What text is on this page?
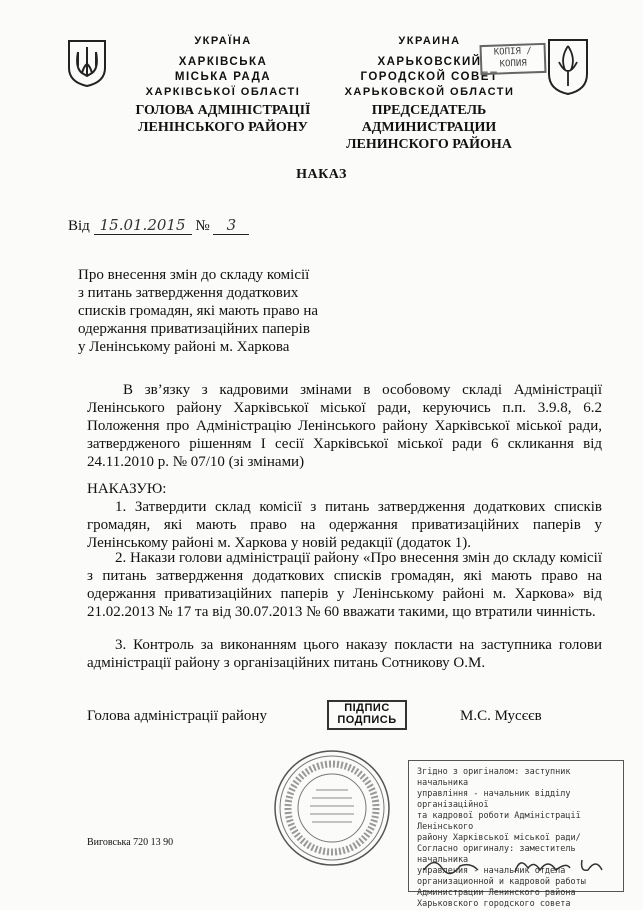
УКРАЇНА
ХАРКІВСЬКА
МІСЬКА РАДА
ХАРКІВСЬКОЇ ОБЛАСТІ
ГОЛОВА АДМІНІСТРАЦІЇ
ЛЕНІНСЬКОГО РАЙОНУ
УКРАИНА
ХАРЬКОВСКИЙ
ГОРОДСКОЙ СОВЕТ
ХАРЬКОВСКОЙ ОБЛАСТИ
КОПІЯ / КОПИЯ
ПРЕДСЕДАТЕЛЬ АДМИНИСТРАЦИИ
ЛЕНИНСКОГО РАЙОНА
НАКАЗ
Від 15.01.2015 № 3
Про внесення змін до складу комісії
з питань затвердження додаткових
списків громадян, які мають право на
одержання приватизаційних паперів
у Ленінському районі м. Харкова
В зв’язку з кадровими змінами в особовому складі Адміністрації Ленінського району Харківської міської ради, керуючись п.п. 3.9.8, 6.2 Положення про Адміністрацію Ленінського району Харківської міської ради, затвердженого рішенням І сесії Харківської міської ради 6 скликання від 24.11.2010 р. № 07/10 (зі змінами)
НАКАЗУЮ:
1. Затвердити склад комісії з питань затвердження додаткових списків громадян, які мають право на одержання приватизаційних паперів у Ленінському районі м. Харкова у новій редакції (додаток 1).
2. Накази голови адміністрації району «Про внесення змін до складу комісії з питань затвердження додаткових списків громадян, які мають право на одержання приватизаційних паперів у Ленінському районі м. Харкова» від 21.02.2013 № 17 та від 30.07.2013 № 60 вважати такими, що втратили чинність.
3. Контроль за виконанням цього наказу покласти на заступника голови адміністрації району з організаційних питань Сотникову О.М.
Голова адміністрації району	ПІДПИС
ПОДПИСЬ	М.С. Мусєєв
Виговська 720 13 90
Згідно з оригіналом: заступник начальника
управління - начальник відділу організаційної
та кадрової роботи Адміністрації Ленінського
району Харківської міської ради/
Согласно оригиналу: заместитель начальника
управления - начальник отдела
организационной и кадровой работы
Администрации Ленинского района
Харьковского городского совета
